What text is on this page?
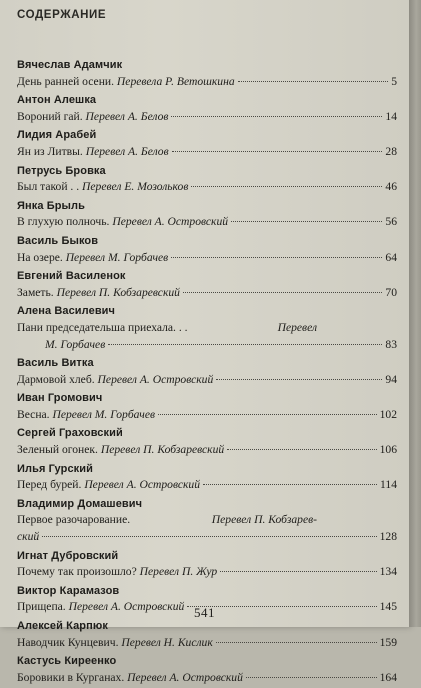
СОДЕРЖАНИЕ
Вячеслав Адамчик
День ранней осени. Перевела Р. Ветошкина	5
Антон Алешка
Вороний гай. Перевел А. Белов	14
Лидия Арабей
Ян из Литвы. Перевел А. Белов	28
Петрусь Бровка
Был такой . . Перевел Е. Мозольков	46
Янка Брыль
В глухую полночь. Перевел А. Островский	56
Василь Быков
На озере. Перевел М. Горбачев	64
Евгений Василенок
Заметь. Перевел П. Кобзаревский	70
Алена Василевич
Пани председательша приехала. . .
	Перевел
М. Горбачев	83
Василь Витка
Дармовой хлеб. Перевел А. Островский	94
Иван Громович
Весна. Перевел М. Горбачев	102
Сергей Граховский
Зеленый огонек. Перевел П. Кобзаревский	106
Илья Гурский
Перед бурей. Перевел А. Островский	114
Владимир Домашевич
Первое разочарование.
	Перевел П. Кобзарев-
ский	128
Игнат Дубровский
Почему так произошло? Перевел П. Жур	134
Виктор Карамазов
Прищепа. Перевел А. Островский	145
Алексей Карпюк
Наводчик Кунцевич. Перевел Н. Кислик	159
Кастусь Киреенко
Боровики в Курганах. Перевел А. Островский	164
541
